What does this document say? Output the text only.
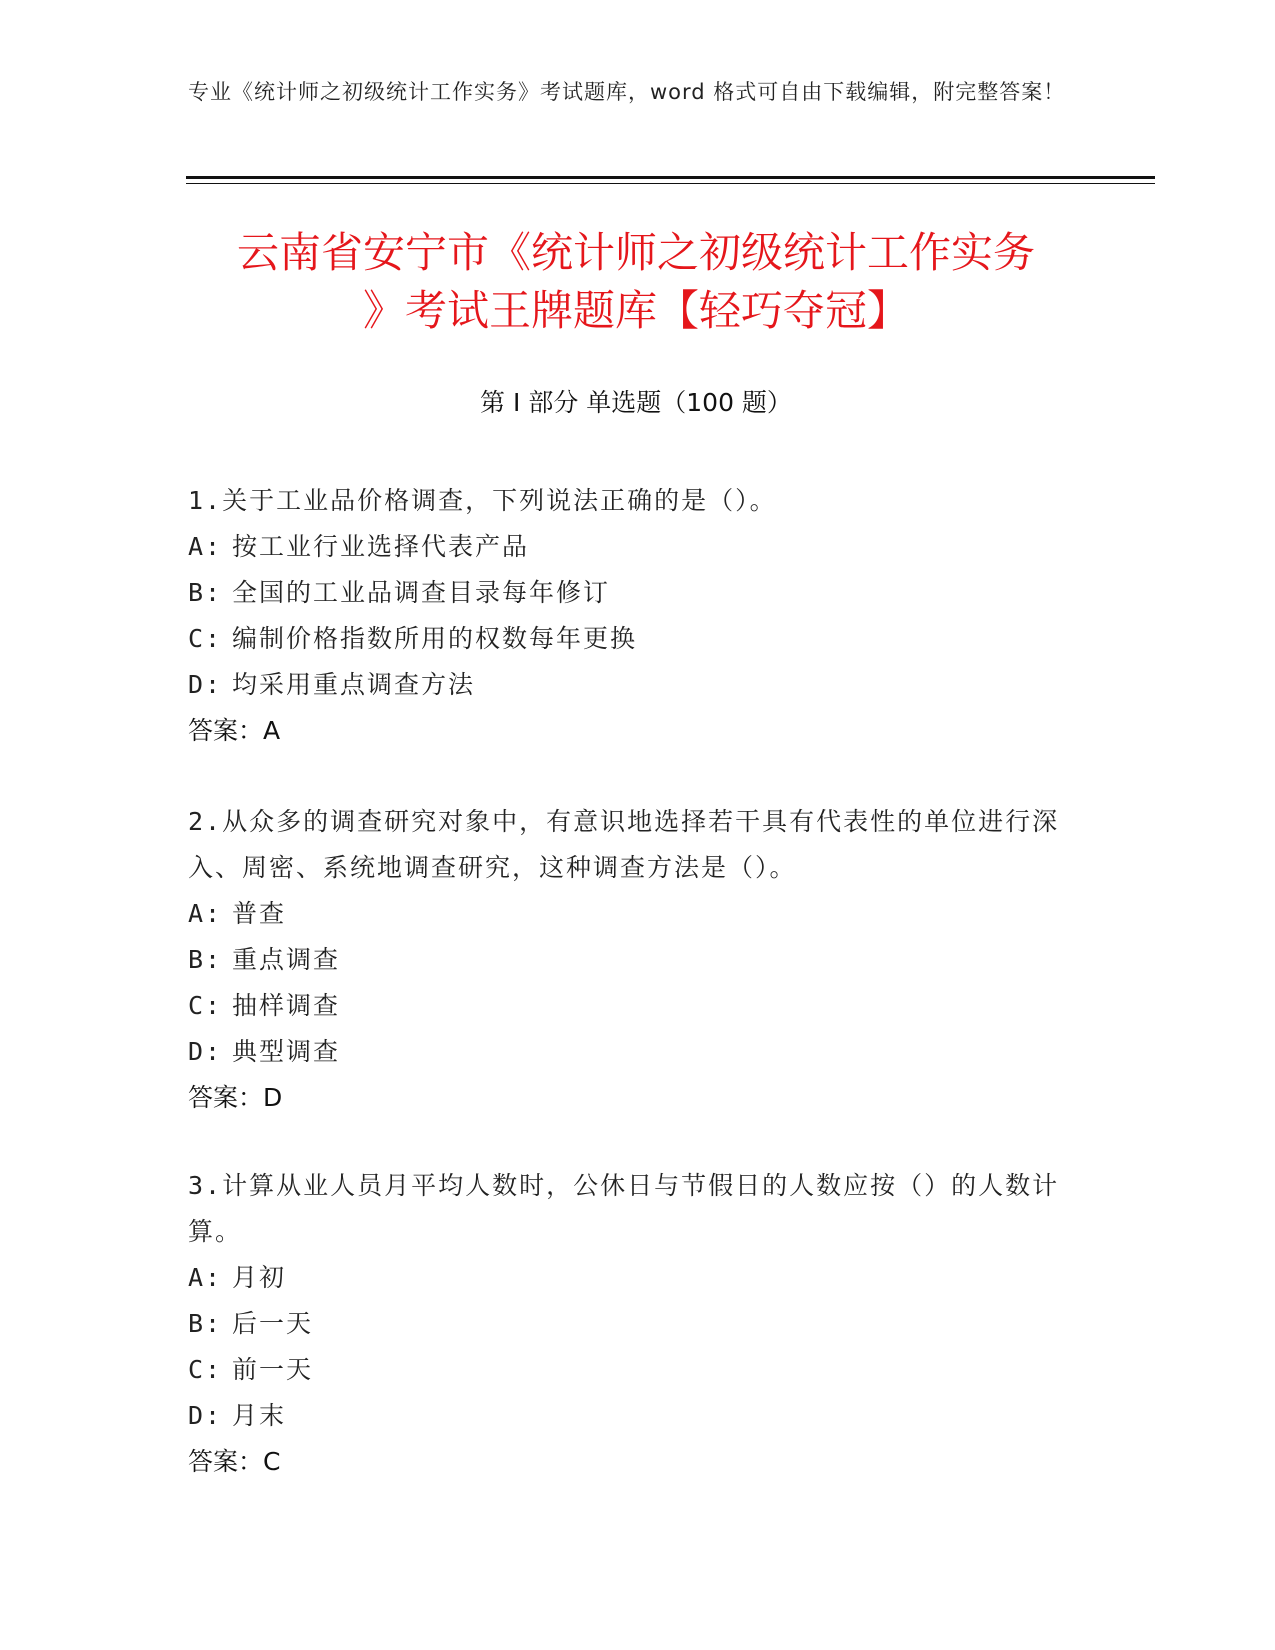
专业《统计师之初级统计工作实务》考试题库，word 格式可自由下载编辑，附完整答案！
云南省安宁市《统计师之初级统计工作实务
》考试王牌题库【轻巧夺冠】
第 I 部分 单选题（100 题）
1.关于工业品价格调查，下列说法正确的是（）。
A: 按工业行业选择代表产品
B: 全国的工业品调查目录每年修订
C: 编制价格指数所用的权数每年更换
D: 均采用重点调查方法
答案：A
2.从众多的调查研究对象中，有意识地选择若干具有代表性的单位进行深入、周密、系统地调查研究，这种调查方法是（）。
A: 普查
B: 重点调查
C: 抽样调查
D: 典型调查
答案：D
3.计算从业人员月平均人数时，公休日与节假日的人数应按（）的人数计算。
A: 月初
B: 后一天
C: 前一天
D: 月末
答案：C
